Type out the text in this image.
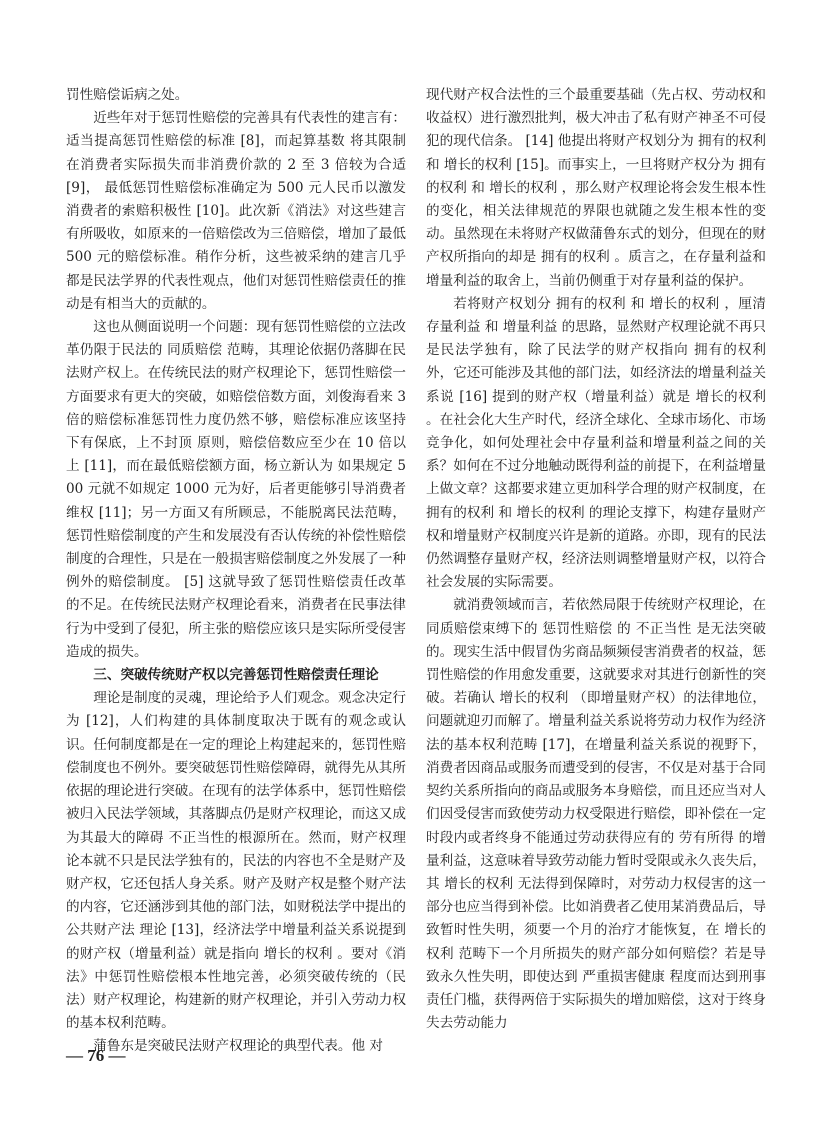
罚性赔偿诟病之处。

近些年对于惩罚性赔偿的完善具有代表性的建言有：适当提高惩罚性赔偿的标准 [8]，而起算基数 将其限制在消费者实际损失而非消费价款的 2 至 3 倍较为合适 [9]， 最低惩罚性赔偿标准确定为 500 元人民币以激发消费者的索赔积极性 [10]。此次新《消法》对这些建言有所吸收，如原来的一倍赔偿改为三倍赔偿，增加了最低 500 元的赔偿标准。稍作分析，这些被采纳的建言几乎都是民法学界的代表性观点，他们对惩罚性赔偿责任的推动是有相当大的贡献的。

这也从侧面说明一个问题：现有惩罚性赔偿的立法改革仍限于民法的 同质赔偿 范畴，其理论依据仍落脚在民法财产权上。在传统民法的财产权理论下，惩罚性赔偿一方面要求有更大的突破，如赔偿倍数方面，刘俊海看来 3 倍的赔偿标准惩罚性力度仍然不够，赔偿标准应该坚持 下有保底，上不封顶 原则，赔偿倍数应至少在 10 倍以上 [11]，而在最低赔偿额方面，杨立新认为 如果规定 500 元就不如规定 1000 元为好，后者更能够引导消费者维权 [11]；另一方面又有所顾忌，不能脱离民法范畴， 惩罚性赔偿制度的产生和发展没有否认传统的补偿性赔偿制度的合理性，只是在一般损害赔偿制度之外发展了一种例外的赔偿制度。 [5] 这就导致了惩罚性赔偿责任改革的不足。在传统民法财产权理论看来，消费者在民事法律行为中受到了侵犯，所主张的赔偿应该只是实际所受侵害造成的损失。

三、突破传统财产权以完善惩罚性赔偿责任理论

理论是制度的灵魂，理论给予人们观念。观念决定行为 [12]，人们构建的具体制度取决于既有的观念或认识。任何制度都是在一定的理论上构建起来的，惩罚性赔偿制度也不例外。要突破惩罚性赔偿障碍，就得先从其所依据的理论进行突破。在现有的法学体系中，惩罚性赔偿被归入民法学领域，其落脚点仍是财产权理论，而这又成为其最大的障碍 不正当性的根源所在。然而，财产权理论本就不只是民法学独有的，民法的内容也不全是财产及财产权，它还包括人身关系。财产及财产权是整个财产法的内容，它还涵涉到其他的部门法，如财税法学中提出的 公共财产法 理论 [13]，经济法学中增量利益关系说提到的财产权（增量利益）就是指向 增长的权利 。要对《消法》中惩罚性赔偿根本性地完善，必须突破传统的（民法）财产权理论，构建新的财产权理论，并引入劳动力权的基本权利范畴。

蒲鲁东是突破民法财产权理论的典型代表。他 对

现代财产权合法性的三个最重要基础（先占权、劳动权和收益权）进行激烈批判，极大冲击了私有财产神圣不可侵犯的现代信条。 [14] 他提出将财产权划分为 拥有的权利 和 增长的权利 [15]。而事实上，一旦将财产权分为 拥有的权利 和 增长的权利 ，那么财产权理论将会发生根本性的变化，相关法律规范的界限也就随之发生根本性的变动。虽然现在未将财产权做蒲鲁东式的划分，但现在的财产权所指向的却是 拥有的权利 。质言之，在存量利益和增量利益的取舍上，当前仍侧重于对存量利益的保护。

若将财产权划分 拥有的权利 和 增长的权利 ，厘清 存量利益 和 增量利益 的思路，显然财产权理论就不再只是民法学独有，除了民法学的财产权指向 拥有的权利 外，它还可能涉及其他的部门法，如经济法的增量利益关系说 [16] 提到的财产权（增量利益）就是 增长的权利 。在社会化大生产时代，经济全球化、全球市场化、市场竞争化，如何处理社会中存量利益和增量利益之间的关系？如何在不过分地触动既得利益的前提下，在利益增量上做文章？这都要求建立更加科学合理的财产权制度，在 拥有的权利 和 增长的权利 的理论支撑下，构建存量财产权和增量财产权制度兴许是新的道路。亦即，现有的民法仍然调整存量财产权，经济法则调整增量财产权，以符合社会发展的实际需要。

就消费领域而言，若依然局限于传统财产权理论，在同质赔偿束缚下的 惩罚性赔偿 的 不正当性 是无法突破的。现实生活中假冒伪劣商品频频侵害消费者的权益，惩罚性赔偿的作用愈发重要，这就要求对其进行创新性的突破。若确认 增长的权利 （即增量财产权）的法律地位，问题就迎刃而解了。增量利益关系说将劳动力权作为经济法的基本权利范畴 [17]，在增量利益关系说的视野下，消费者因商品或服务而遭受到的侵害，不仅是对基于合同契约关系所指向的商品或服务本身赔偿，而且还应当对人们因受侵害而致使劳动力权受限进行赔偿，即补偿在一定时段内或者终身不能通过劳动获得应有的 劳有所得 的增量利益，这意味着导致劳动能力暂时受限或永久丧失后，其 增长的权利 无法得到保障时，对劳动力权侵害的这一部分也应当得到补偿。比如消费者乙使用某消费品后，导致暂时性失明，须要一个月的治疗才能恢复，在 增长的权利 范畴下一个月所损失的财产部分如何赔偿？若是导致永久性失明，即使达到 严重损害健康 程度而达到刑事责任门槛，获得两倍于实际损失的增加赔偿，这对于终身失去劳动能力

— 76 —
